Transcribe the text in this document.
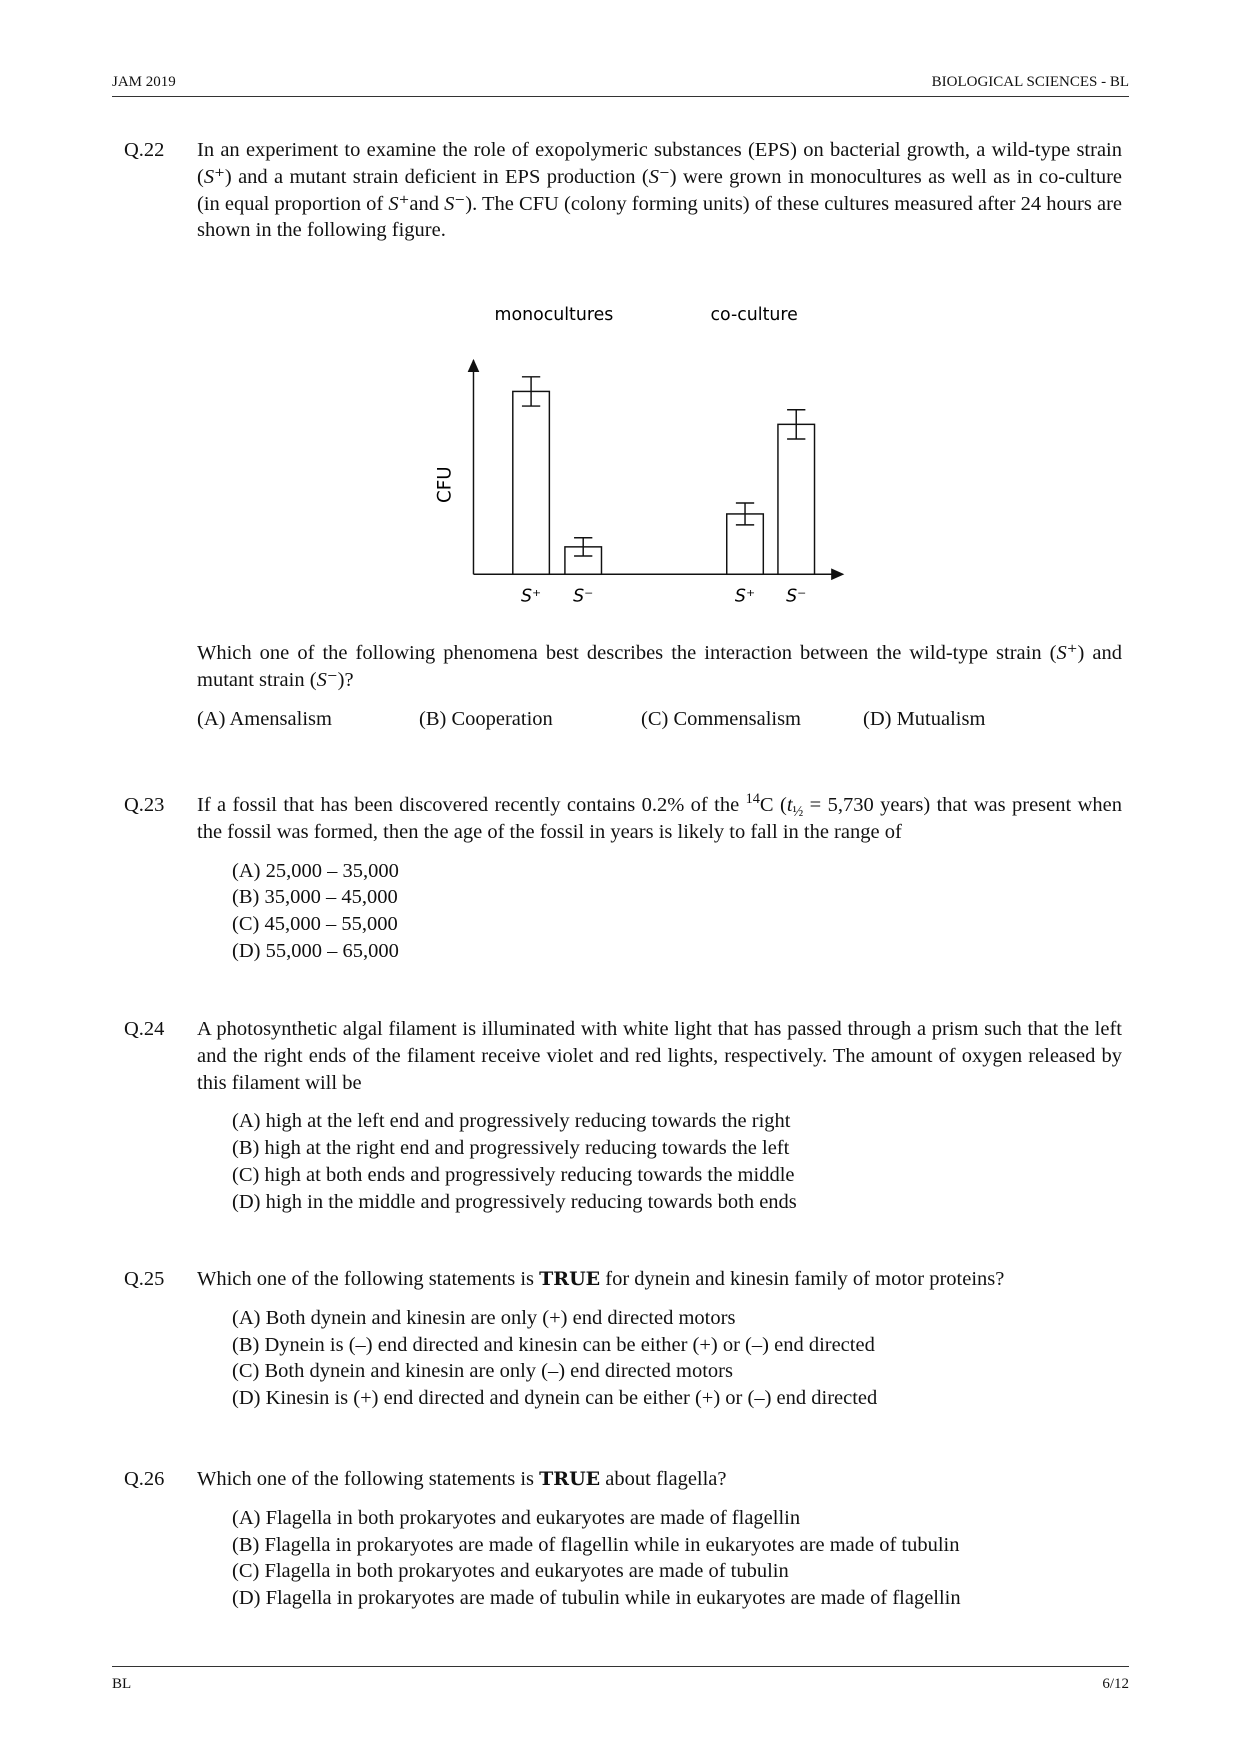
JAM 2019	BIOLOGICAL SCIENCES - BL
Q.22	In an experiment to examine the role of exopolymeric substances (EPS) on bacterial growth, a wild-type strain (S⁺) and a mutant strain deficient in EPS production (S⁻) were grown in monocultures as well as in co-culture (in equal proportion of S⁺and S⁻). The CFU (colony forming units) of these cultures measured after 24 hours are shown in the following figure.
CFU
monocultures	co-culture
S⁺ S⁻	S⁺ S⁻
Which one of the following phenomena best describes the interaction between the wild-type strain (S⁺) and mutant strain (S⁻)?
(A) Amensalism	(B) Cooperation	(C) Commensalism	(D) Mutualism
Q.23	If a fossil that has been discovered recently contains 0.2% of the $^{14}$C ($t_{\frac{1}{2}} = 5,730$ years) that was present when the fossil was formed, then the age of the fossil in years is likely to fall in the range of
(A) 25,000 – 35,000
(B) 35,000 – 45,000
(C) 45,000 – 55,000
(D) 55,000 – 65,000
Q.24	A photosynthetic algal filament is illuminated with white light that has passed through a prism such that the left and the right ends of the filament receive violet and red lights, respectively. The amount of oxygen released by this filament will be
(A) high at the left end and progressively reducing towards the right
(B) high at the right end and progressively reducing towards the left
(C) high at both ends and progressively reducing towards the middle
(D) high in the middle and progressively reducing towards both ends
Q.25	Which one of the following statements is TRUE for dynein and kinesin family of motor proteins?
(A) Both dynein and kinesin are only (+) end directed motors
(B) Dynein is (–) end directed and kinesin can be either (+) or (–) end directed
(C) Both dynein and kinesin are only (–) end directed motors
(D) Kinesin is (+) end directed and dynein can be either (+) or (–) end directed
Q.26	Which one of the following statements is TRUE about flagella?
(A) Flagella in both prokaryotes and eukaryotes are made of flagellin
(B) Flagella in prokaryotes are made of flagellin while in eukaryotes are made of tubulin
(C) Flagella in both prokaryotes and eukaryotes are made of tubulin
(D) Flagella in prokaryotes are made of tubulin while in eukaryotes are made of flagellin
BL	6/12
